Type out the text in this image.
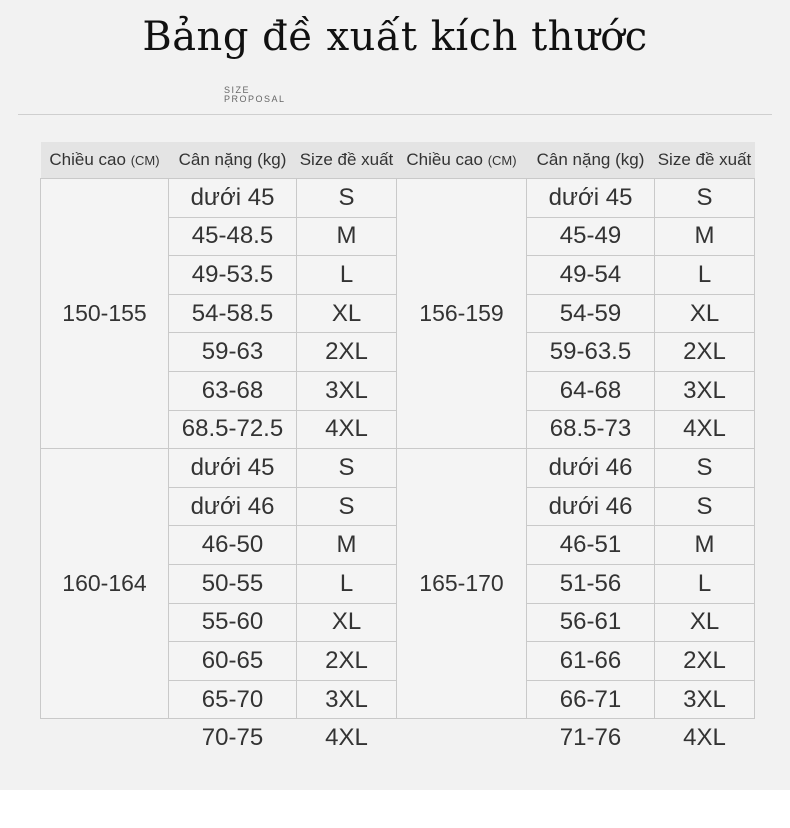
Bảng đề xuất kích thước
SIZE
PROPOSAL
Chiều cao (CM)	Cân nặng (kg)	Size đề xuất	Chiều cao (CM)	Cân nặng (kg)	Size đề xuất
150-155	dưới 45	S	156-159	dưới 45	S
	45-48.5	M		45-49	M
	49-53.5	L		49-54	L
	54-58.5	XL		54-59	XL
	59-63	2XL		59-63.5	2XL
	63-68	3XL		64-68	3XL
	68.5-72.5	4XL		68.5-73	4XL
160-164	dưới 45	S	165-170	dưới 46	S
	dưới 46	S		dưới 46	S
	46-50	M		46-51	M
	50-55	L		51-56	L
	55-60	XL		56-61	XL
	60-65	2XL		61-66	2XL
	65-70	3XL		66-71	3XL
	70-75	4XL		71-76	4XL
